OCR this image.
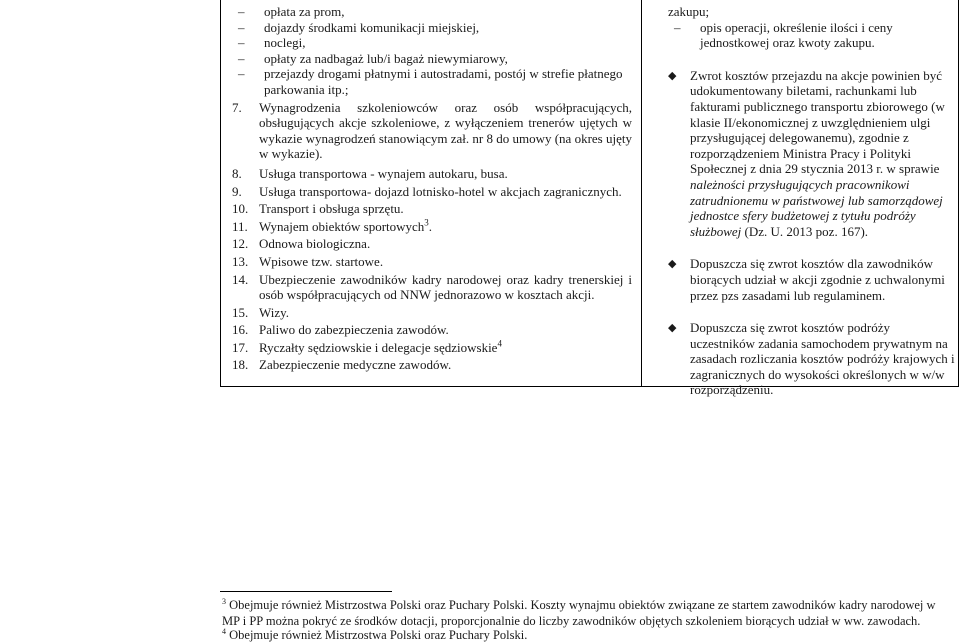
– opłata za prom,
– dojazdy środkami komunikacji miejskiej,
– noclegi,
– opłaty za nadbagaż lub/i bagaż niewymiarowy,
– przejazdy drogami płatnymi i autostradami, postój w strefie płatnego parkowania itp.;
7. Wynagrodzenia szkoleniowców oraz osób współpracujących, obsługujących akcje szkoleniowe, z wyłączeniem trenerów ujętych w wykazie wynagrodzeń stanowiącym zał. nr 8 do umowy (na okres ujęty w wykazie).
8. Usługa transportowa - wynajem autokaru, busa.
9. Usługa transportowa- dojazd lotnisko-hotel w akcjach zagranicznych.
10. Transport i obsługa sprzętu.
11. Wynajem obiektów sportowych$^3$.
12. Odnowa biologiczna.
13. Wpisowe tzw. startowe.
14. Ubezpieczenie zawodników kadry narodowej oraz kadry trenerskiej i osób współpracujących od NNW jednorazowo w kosztach akcji.
15. Wizy.
16. Paliwo do zabezpieczenia zawodów.
17. Ryczałty sędziowskie i delegacje sędziowskie$^4$
18. Zabezpieczenie medyczne zawodów.
zakupu;
– opis operacji, określenie ilości i ceny jednostkowej oraz kwoty zakupu.
◆ Zwrot kosztów przejazdu na akcje powinien być udokumentowany biletami, rachunkami lub fakturami publicznego transportu zbiorowego (w klasie II/ekonomicznej z uwzględnieniem ulgi przysługującej delegowanemu), zgodnie z rozporządzeniem Ministra Pracy i Polityki Społecznej z dnia 29 stycznia 2013 r. w sprawie należności przysługujących pracownikowi zatrudnionemu w państwowej lub samorządowej jednostce sfery budżetowej z tytułu podróży służbowej (Dz. U. 2013 poz. 167).
◆ Dopuszcza się zwrot kosztów dla zawodników biorących udział w akcji zgodnie z uchwalonymi przez pzs zasadami lub regulaminem.
◆ Dopuszcza się zwrot kosztów podróży uczestników zadania samochodem prywatnym na zasadach rozliczania kosztów podróży krajowych i zagranicznych do wysokości określonych w w/w rozporządzeniu.
$^3$ Obejmuje również Mistrzostwa Polski oraz Puchary Polski. Koszty wynajmu obiektów związane ze startem zawodników kadry narodowej w MP i PP można pokryć ze środków dotacji, proporcjonalnie do liczby zawodników objętych szkoleniem biorących udział w ww. zawodach.
$^4$ Obejmuje również Mistrzostwa Polski oraz Puchary Polski.
